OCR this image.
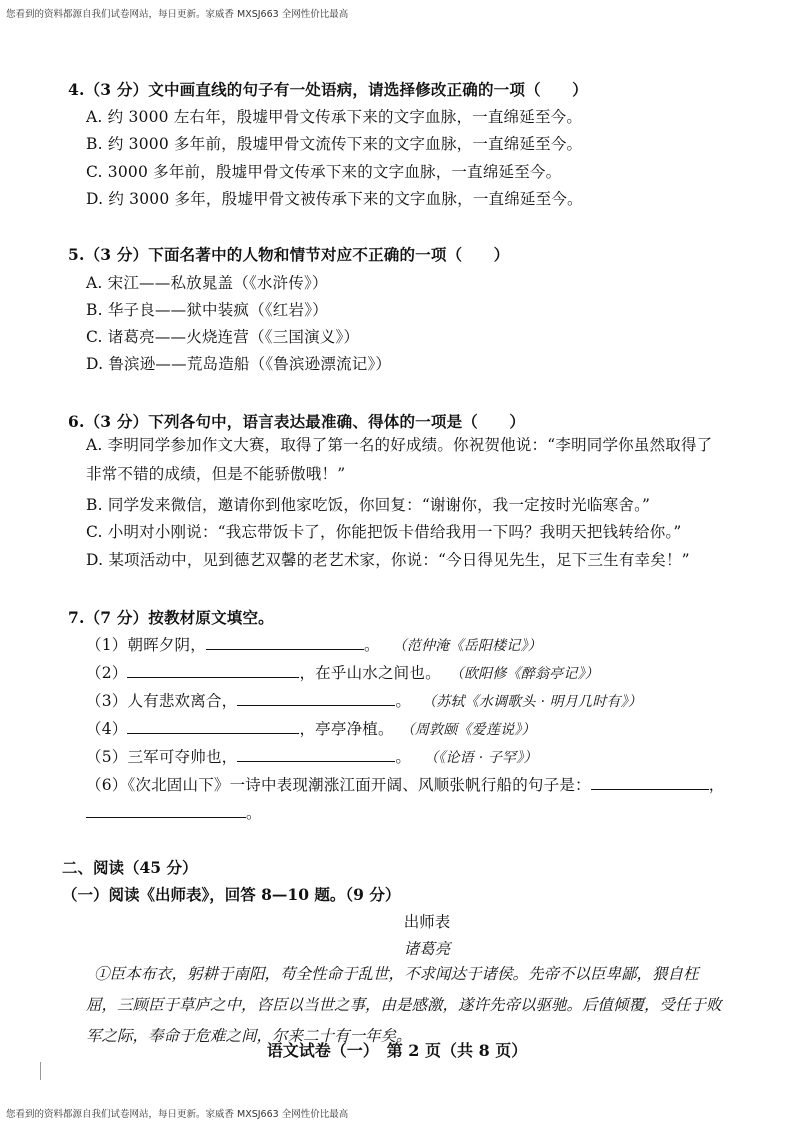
您看到的资料都源自我们试卷网站，每日更新。家威香 MXSJ663 全网性价比最高
4.（3 分）文中画直线的句子有一处语病，请选择修改正确的一项（　　）
A. 约 3000 左右年，殷墟甲骨文传承下来的文字血脉，一直绵延至今。
B. 约 3000 多年前，殷墟甲骨文流传下来的文字血脉，一直绵延至今。
C. 3000 多年前，殷墟甲骨文传承下来的文字血脉，一直绵延至今。
D. 约 3000 多年，殷墟甲骨文被传承下来的文字血脉，一直绵延至今。
5.（3 分）下面名著中的人物和情节对应不正确的一项（　　）
A. 宋江——私放晁盖（《水浒传》）
B. 华子良——狱中装疯（《红岩》）
C. 诸葛亮——火烧连营（《三国演义》）
D. 鲁滨逊——荒岛造船（《鲁滨逊漂流记》）
6.（3 分）下列各句中，语言表达最准确、得体的一项是（　　）
A. 李明同学参加作文大赛，取得了第一名的好成绩。你祝贺他说：“李明同学你虽然取得了非常不错的成绩，但是不能骄傲哦！”
B. 同学发来微信，邀请你到他家吃饭，你回复：“谢谢你，我一定按时光临寒舍。”
C. 小明对小刚说：“我忘带饭卡了，你能把饭卡借给我用一下吗？我明天把钱转给你。”
D. 某项活动中，见到德艺双馨的老艺术家，你说：“今日得见先生，足下三生有幸矣！”
7.（7 分）按教材原文填空。
（1）朝晖夕阴，	。 （范仲淹《岳阳楼记》）
（2）	，在乎山水之间也。 （欧阳修《醉翁亭记》）
（3）人有悲欢离合，	。 （苏轼《水调歌头 · 明月几时有》）
（4）	，亭亭净植。 （周敦颐《爱莲说》）
（5）三军可夺帅也，	。 （《论语 · 子罕》）
（6）《次北固山下》一诗中表现潮涨江面开阔、风顺张帆行船的句子是：	，
。
二、阅读（45 分）
（一）阅读《出师表》，回答 8—10 题。（9 分）
出师表
诸葛亮
①臣本布衣，躬耕于南阳，苟全性命于乱世，不求闻达于诸侯。先帝不以臣卑鄙，猥自枉屈，三顾臣于草庐之中，咨臣以当世之事，由是感激，遂许先帝以驱驰。后值倾覆，受任于败军之际，奉命于危难之间，尔来二十有一年矣。
语文试卷（一）　第 2 页（共 8 页）
您看到的资料都源自我们试卷网站，每日更新。家威香 MXSJ663 全网性价比最高
